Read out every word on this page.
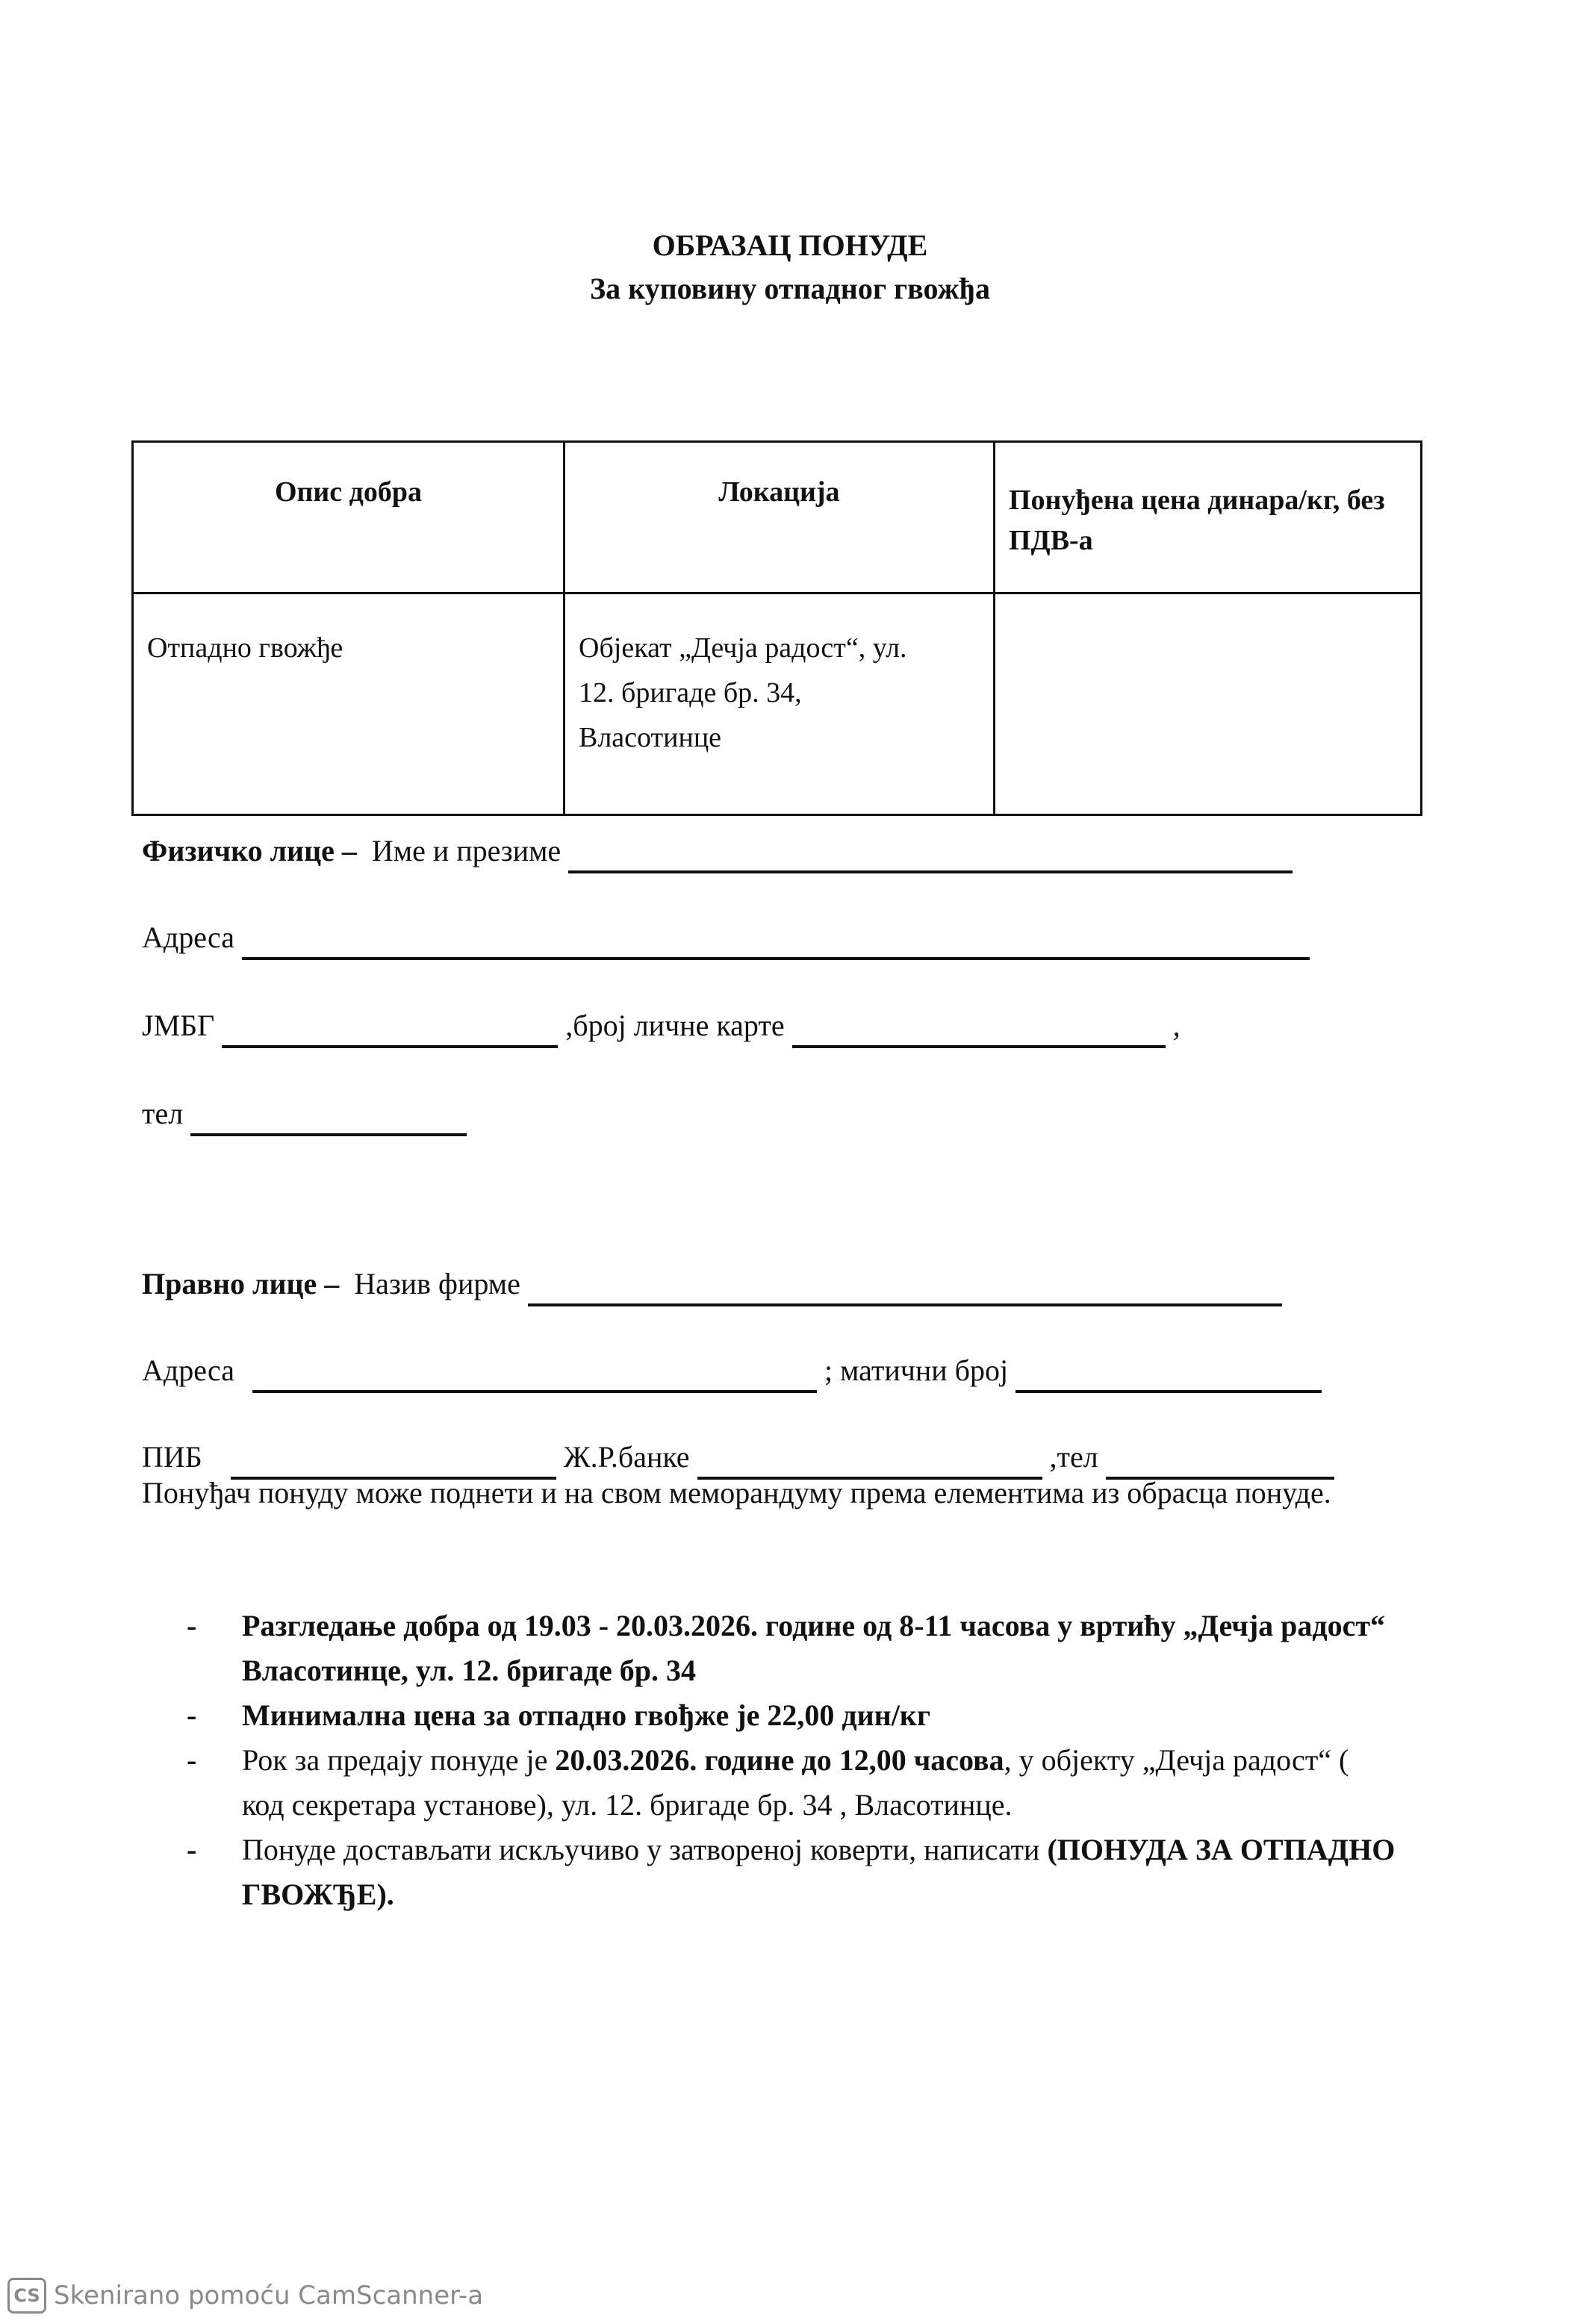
ОБРАЗАЦ ПОНУДЕ
За куповину отпадног гвожђа
Опис добра	Локација	Понуђена цена динара/кг, без ПДВ-а
Отпадно гвожђе	Објекат „Дечја радост“, ул.
12. бригаде бр. 34,
Власотинце	

Физичко лице – Име и презиме
Адреса
ЈМБГ	,број личне карте	,
тел
Правно лице – Назив фирме
Адреса	; матични број
ПИБ	Ж.Р.банке	,тел
Понуђач понуду може поднети и на свом меморандуму према елементима из обрасца понуде.
- Разгледање добра од 19.03 - 20.03.2026. године од 8-11 часова у вртићу „Дечја радост“ Власотинце, ул. 12. бригаде бр. 34
- Минимална цена за отпадно гвођже је 22,00 дин/кг
- Рок за предају понуде је 20.03.2026. године до 12,00 часова, у објекту „Дечја радост“ ( код секретара установе), ул. 12. бригаде бр. 34 , Власотинце.
- Понуде достављати искључиво у затвореној коверти, написати (ПОНУДА ЗА ОТПАДНО ГВОЖЂЕ).
CS Skenirano pomoću CamScanner-a
